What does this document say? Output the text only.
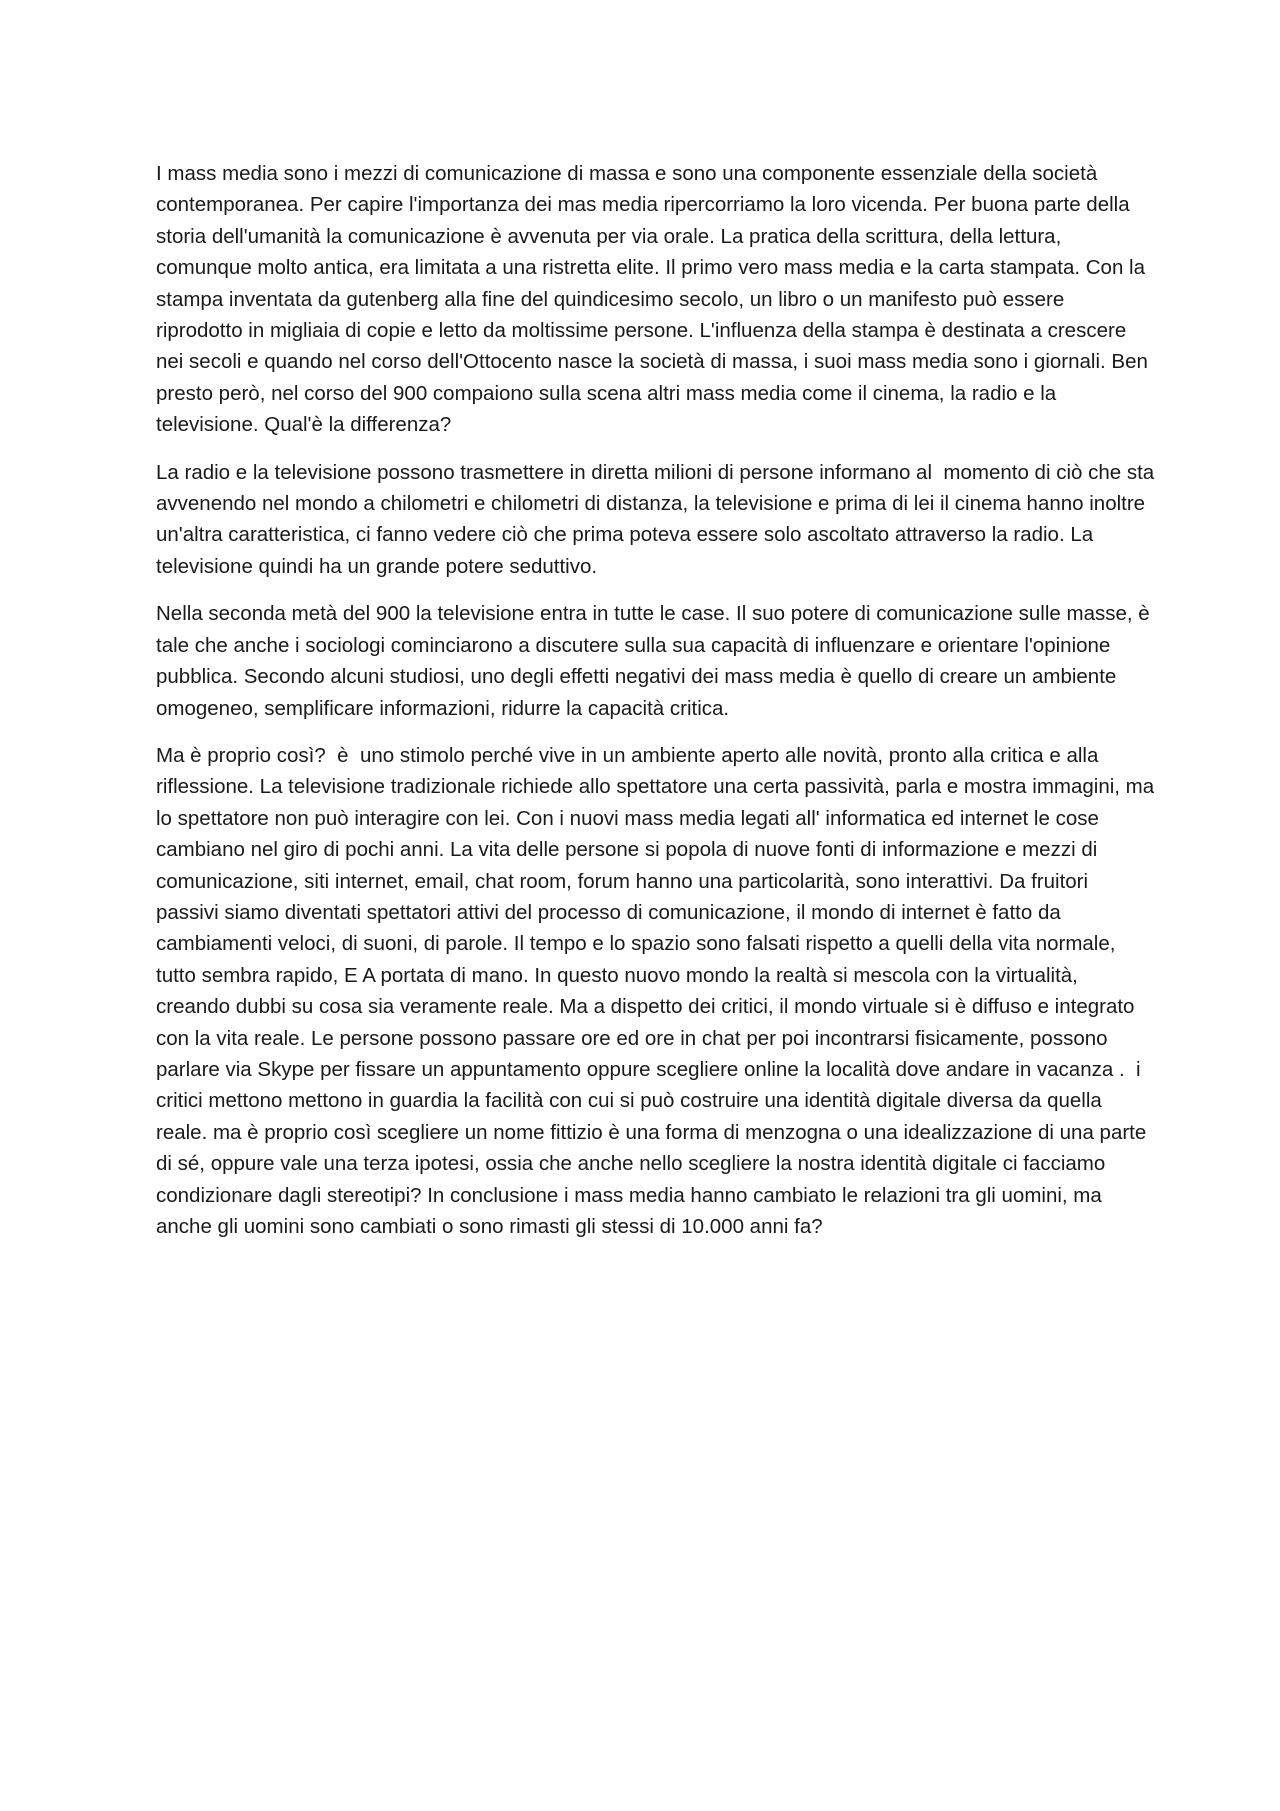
I mass media sono i mezzi di comunicazione di massa e sono una componente essenziale della società contemporanea. Per capire l'importanza dei mas media ripercorriamo la loro vicenda. Per buona parte della storia dell'umanità la comunicazione è avvenuta per via orale. La pratica della scrittura, della lettura, comunque molto antica, era limitata a una ristretta elite. Il primo vero mass media e la carta stampata. Con la stampa inventata da gutenberg alla fine del quindicesimo secolo, un libro o un manifesto può essere riprodotto in migliaia di copie e letto da moltissime persone. L'influenza della stampa è destinata a crescere nei secoli e quando nel corso dell'Ottocento nasce la società di massa, i suoi mass media sono i giornali. Ben presto però, nel corso del 900 compaiono sulla scena altri mass media come il cinema, la radio e la televisione. Qual'è la differenza?

La radio e la televisione possono trasmettere in diretta milioni di persone informano al  momento di ciò che sta avvenendo nel mondo a chilometri e chilometri di distanza, la televisione e prima di lei il cinema hanno inoltre un'altra caratteristica, ci fanno vedere ciò che prima poteva essere solo ascoltato attraverso la radio. La televisione quindi ha un grande potere seduttivo.

Nella seconda metà del 900 la televisione entra in tutte le case. Il suo potere di comunicazione sulle masse, è tale che anche i sociologi cominciarono a discutere sulla sua capacità di influenzare e orientare l'opinione pubblica. Secondo alcuni studiosi, uno degli effetti negativi dei mass media è quello di creare un ambiente omogeneo, semplificare informazioni, ridurre la capacità critica.

Ma è proprio così?  è  uno stimolo perché vive in un ambiente aperto alle novità, pronto alla critica e alla riflessione. La televisione tradizionale richiede allo spettatore una certa passività, parla e mostra immagini, ma lo spettatore non può interagire con lei. Con i nuovi mass media legati all' informatica ed internet le cose cambiano nel giro di pochi anni. La vita delle persone si popola di nuove fonti di informazione e mezzi di comunicazione, siti internet, email, chat room, forum hanno una particolarità, sono interattivi. Da fruitori passivi siamo diventati spettatori attivi del processo di comunicazione, il mondo di internet è fatto da cambiamenti veloci, di suoni, di parole. Il tempo e lo spazio sono falsati rispetto a quelli della vita normale, tutto sembra rapido, E A portata di mano. In questo nuovo mondo la realtà si mescola con la virtualità, creando dubbi su cosa sia veramente reale. Ma a dispetto dei critici, il mondo virtuale si è diffuso e integrato con la vita reale. Le persone possono passare ore ed ore in chat per poi incontrarsi fisicamente, possono parlare via Skype per fissare un appuntamento oppure scegliere online la località dove andare in vacanza .  i critici mettono mettono in guardia la facilità con cui si può costruire una identità digitale diversa da quella reale. ma è proprio così scegliere un nome fittizio è una forma di menzogna o una idealizzazione di una parte di sé, oppure vale una terza ipotesi, ossia che anche nello scegliere la nostra identità digitale ci facciamo condizionare dagli stereotipi? In conclusione i mass media hanno cambiato le relazioni tra gli uomini, ma anche gli uomini sono cambiati o sono rimasti gli stessi di 10.000 anni fa?
